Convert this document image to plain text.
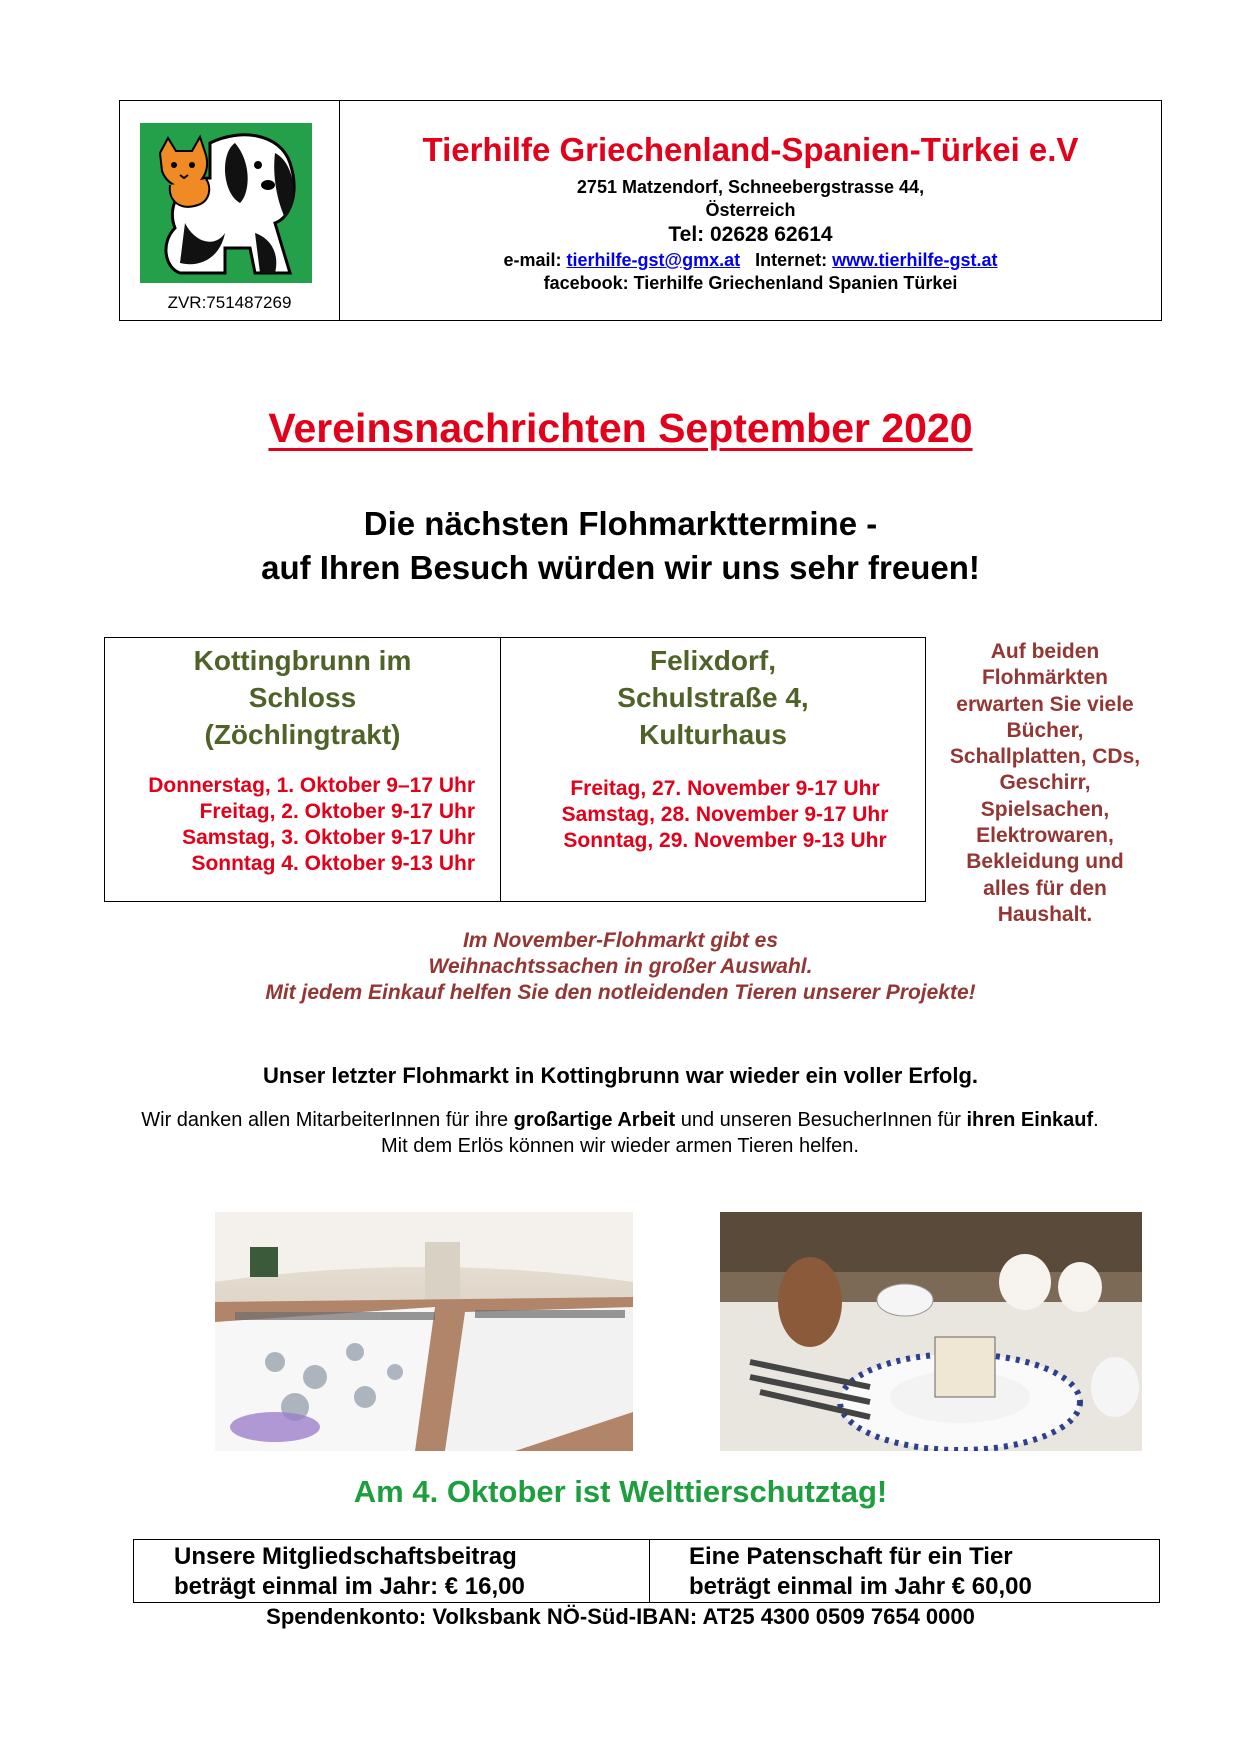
ZVR:751487269
Tierhilfe Griechenland-Spanien-Türkei e.V
2751 Matzendorf, Schneebergstrasse 44,
Österreich
Tel: 02628 62614
e-mail: tierhilfe-gst@gmx.at Internet: www.tierhilfe-gst.at
facebook: Tierhilfe Griechenland Spanien Türkei
Vereinsnachrichten September 2020
Die nächsten Flohmarkttermine -
auf Ihren Besuch würden wir uns sehr freuen!
Kottingbrunn im
Schloss
(Zöchlingtrakt)
Donnerstag, 1. Oktober 9–17 Uhr
Freitag, 2. Oktober 9-17 Uhr
Samstag, 3. Oktober 9-17 Uhr
Sonntag 4. Oktober 9-13 Uhr
Felixdorf,
Schulstraße 4,
Kulturhaus
Freitag, 27. November 9-17 Uhr
Samstag, 28. November 9-17 Uhr
Sonntag, 29. November 9-13 Uhr
Auf beiden
Flohmärkten
erwarten Sie viele
Bücher,
Schallplatten, CDs,
Geschirr,
Spielsachen,
Elektrowaren,
Bekleidung und
alles für den
Haushalt.
Im November-Flohmarkt gibt es
Weihnachtssachen in großer Auswahl.
Mit jedem Einkauf helfen Sie den notleidenden Tieren unserer Projekte!
Unser letzter Flohmarkt in Kottingbrunn war wieder ein voller Erfolg.
Wir danken allen MitarbeiterInnen für ihre großartige Arbeit und unseren BesucherInnen für ihren Einkauf.
Mit dem Erlös können wir wieder armen Tieren helfen.
Am 4. Oktober ist Welttierschutztag!
Unsere Mitgliedschaftsbeitrag
beträgt einmal im Jahr: € 16,00
Eine Patenschaft für ein Tier
beträgt einmal im Jahr € 60,00
Spendenkonto: Volksbank NÖ-Süd-IBAN: AT25 4300 0509 7654 0000
